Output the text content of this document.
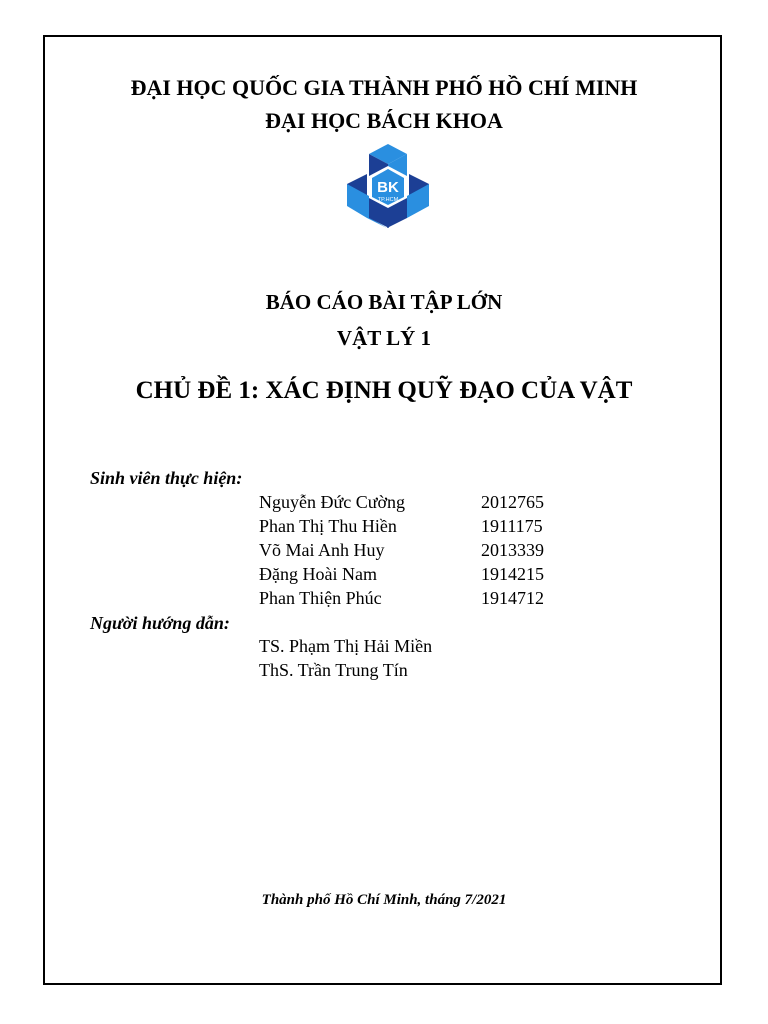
ĐẠI HỌC QUỐC GIA THÀNH PHỐ HỒ CHÍ MINH
ĐẠI HỌC BÁCH KHOA
BK
TP.HCM
BÁO CÁO BÀI TẬP LỚN
VẬT LÝ 1
CHỦ ĐỀ 1: XÁC ĐỊNH QUỸ ĐẠO CỦA VẬT
Sinh viên thực hiện:
Nguyễn Đức Cường	2012765
Phan Thị Thu Hiền	1911175
Võ Mai Anh Huy	2013339
Đặng Hoài Nam	1914215
Phan Thiện Phúc	1914712
Người hướng dẫn:
TS. Phạm Thị Hải Miền
ThS. Trần Trung Tín
Thành phố Hồ Chí Minh, tháng 7/2021
